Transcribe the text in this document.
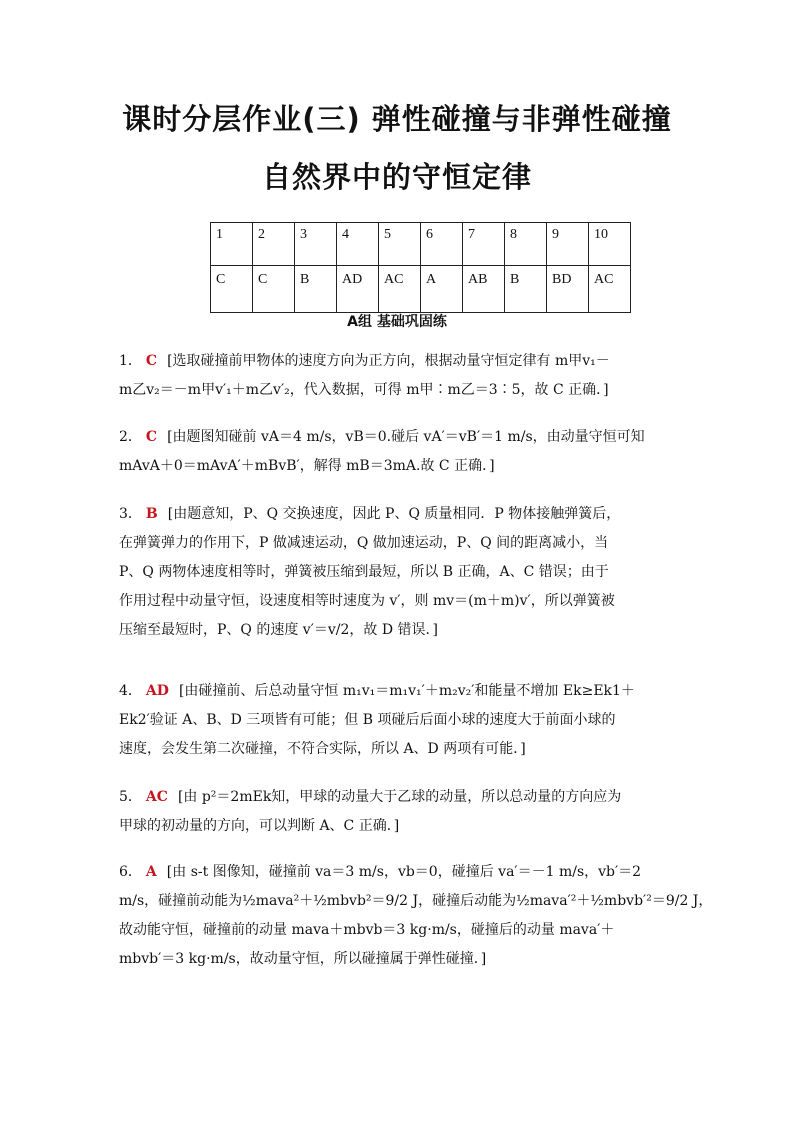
课时分层作业(三) 弹性碰撞与非弹性碰撞
自然界中的守恒定律
1	2	3	4	5	6	7	8	9	10
C	C	B	AD	AC	A	AB	B	BD	AC
A组 基础巩固练
1． C [选取碰撞前甲物体的速度方向为正方向，根据动量守恒定律有 m甲v₁－
m乙v₂＝－m甲v′₁＋m乙v′₂，代入数据，可得 m甲∶m乙＝3∶5，故 C 正确．]
2． C [由题图知碰前 vA＝4 m/s，vB＝0.碰后 vA′＝vB′＝1 m/s，由动量守恒可知
mAvA＋0＝mAvA′＋mBvB′，解得 mB＝3mA.故 C 正确．]
3． B [由题意知，P、Q 交换速度，因此 P、Q 质量相同．P 物体接触弹簧后，
在弹簧弹力的作用下，P 做减速运动，Q 做加速运动，P、Q 间的距离减小，当
P、Q 两物体速度相等时，弹簧被压缩到最短，所以 B 正确，A、C 错误；由于
作用过程中动量守恒，设速度相等时速度为 v′，则 mv＝(m＋m)v′，所以弹簧被
压缩至最短时，P、Q 的速度 v′＝v/2，故 D 错误．]
4． AD [由碰撞前、后总动量守恒 m₁v₁＝m₁v₁′＋m₂v₂′和能量不增加 Ek≥Ek1＋
Ek2′验证 A、B、D 三项皆有可能；但 B 项碰后后面小球的速度大于前面小球的
速度，会发生第二次碰撞，不符合实际，所以 A、D 两项有可能．]
5． AC [由 p²＝2mEk知，甲球的动量大于乙球的动量，所以总动量的方向应为
甲球的初动量的方向，可以判断 A、C 正确．]
6． A [由 s-t 图像知，碰撞前 va＝3 m/s，vb＝0，碰撞后 va′＝－1 m/s，vb′＝2
m/s，碰撞前动能为½mava²＋½mbvb²＝9/2 J，碰撞后动能为½mava′²＋½mbvb′²＝9/2 J，
故动能守恒，碰撞前的动量 mava＋mbvb＝3 kg·m/s，碰撞后的动量 mava′＋
mbvb′＝3 kg·m/s，故动量守恒，所以碰撞属于弹性碰撞．]
